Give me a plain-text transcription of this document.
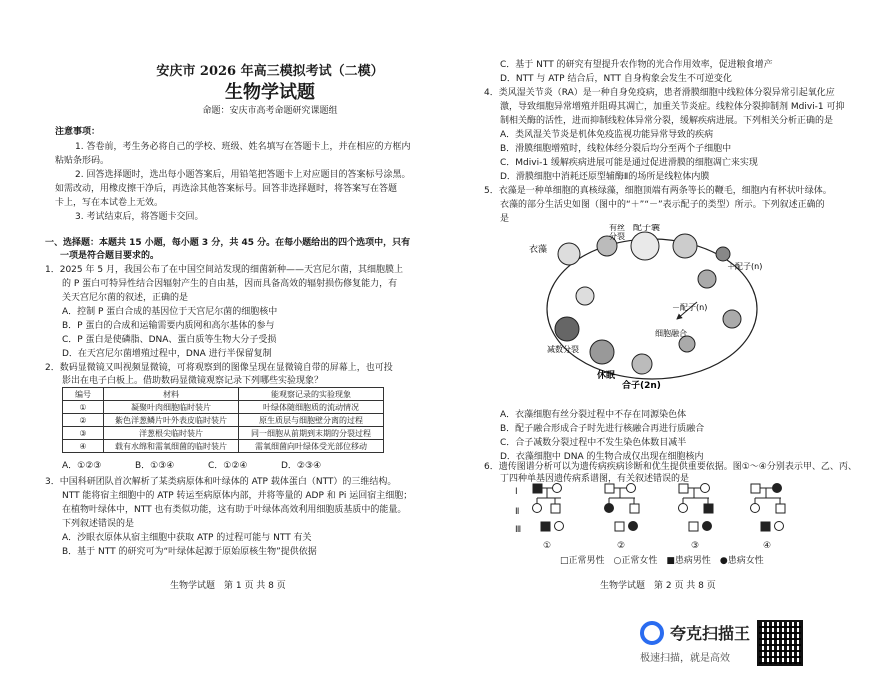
安庆市 2026 年高三模拟考试（二模）
生物学试题
命题：安庆市高考命题研究课题组
注意事项：
1. 答卷前，考生务必将自己的学校、班级、姓名填写在答题卡上，并在相应的方框内
粘贴条形码。
2. 回答选择题时，选出每小题答案后，用铅笔把答题卡上对应题目的答案标号涂黑。
如需改动，用橡皮擦干净后，再选涂其他答案标号。回答非选择题时，将答案写在答题
卡上，写在本试卷上无效。
3. 考试结束后，将答题卡交回。
一、选择题：本题共 15 小题，每小题 3 分，共 45 分。在每小题给出的四个选项中，只有
一项是符合题目要求的。
1．2025 年 5 月，我国公布了在中国空间站发现的细菌新种——天宫尼尔菌，其细胞膜上
的 P 蛋白可特异性结合因辐射产生的自由基，因而具备高效的辐射损伤修复能力，有
关天宫尼尔菌的叙述，正确的是
A．控制 P 蛋白合成的基因位于天宫尼尔菌的细胞核中
B．P 蛋白的合成和运输需要内质网和高尔基体的参与
C．P 蛋白是使磷脂、DNA、蛋白质等生物大分子受损
D．在天宫尼尔菌增殖过程中，DNA 进行半保留复制
2．数码显微镜又叫视频显微镜，可将观察到的图像呈现在显微镜自带的屏幕上，也可投
影出在电子白板上。借助数码显微镜观察记录下列哪些实验现象？
编号	材料	能观察记录的实验现象
①	凝聚叶肉细胞临时装片	叶绿体随细胞质的流动情况
②	紫色洋葱鳞片叶外表皮临时装片	原生质层与细胞壁分离的过程
③	洋葱根尖临时装片	同一细胞从前期到末期的分裂过程
④	载有水绵和需氧细菌的临时装片	需氧细菌向叶绿体受光部位移动
A．①②③	B．①③④	C．①②④	D．②③④
3．中国科研团队首次解析了某类病原体和叶绿体的 ATP 载体蛋白（NTT）的三维结构。
NTT 能将宿主细胞中的 ATP 转运至病原体内部，并将等量的 ADP 和 Pi 运回宿主细胞；
在植物叶绿体中，NTT 也有类似功能，这有助于叶绿体高效利用细胞质基质中的能量。
下列叙述错误的是
A．沙眼衣原体从宿主细胞中获取 ATP 的过程可能与 NTT 有关
B．基于 NTT 的研究可为“叶绿体起源于原始原核生物”提供依据
生物学试题　第 1 页 共 8 页
C．基于 NTT 的研究有望提升农作物的光合作用效率，促进粮食增产
D．NTT 与 ATP 结合后，NTT 自身构象会发生不可逆变化
4．类风湿关节炎（RA）是一种自身免疫病，患者滑膜细胞中线粒体分裂异常引起氧化应
激，导致细胞异常增殖并阻碍其凋亡，加重关节炎症。线粒体分裂抑制剂 Mdivi-1 可抑
制相关酶的活性，进而抑制线粒体异常分裂，缓解疾病进展。下列相关分析正确的是
A．类风湿关节炎是机体免疫监视功能异常导致的疾病
B．滑膜细胞增殖时，线粒体经分裂后均分至两个子细胞中
C．Mdivi-1 缓解疾病进展可能是通过促进滑膜的细胞凋亡来实现
D．滑膜细胞中消耗还原型辅酶Ⅱ的场所是线粒体内膜
5．衣藻是一种单细胞的真核绿藻，细胞顶端有两条等长的鞭毛，细胞内有杯状叶绿体。
衣藻的部分生活史如图（图中的“＋”“－”表示配子的类型）所示。下列叙述正确的
是
衣藻
有丝
分裂
配子囊
＋配子(n)
－配子(n)
细胞融合
减数分裂
休眠
合子(2n)
A．衣藻细胞有丝分裂过程中不存在同源染色体
B．配子融合形成合子时先进行核融合再进行质融合
C．合子减数分裂过程中不发生染色体数目减半
D．衣藻细胞中 DNA 的生物合成仅出现在细胞核内
6．遗传图谱分析可以为遗传病疾病诊断和优生提供重要依据。图①～④分别表示甲、乙、丙、
丁四种单基因遗传病系谱图，有关叙述错误的是
Ⅰ
Ⅱ
Ⅲ
①	②	③	④
□正常男性　○正常女性　■患病男性　●患病女性
生物学试题　第 2 页 共 8 页
夸克扫描王
极速扫描，就是高效
